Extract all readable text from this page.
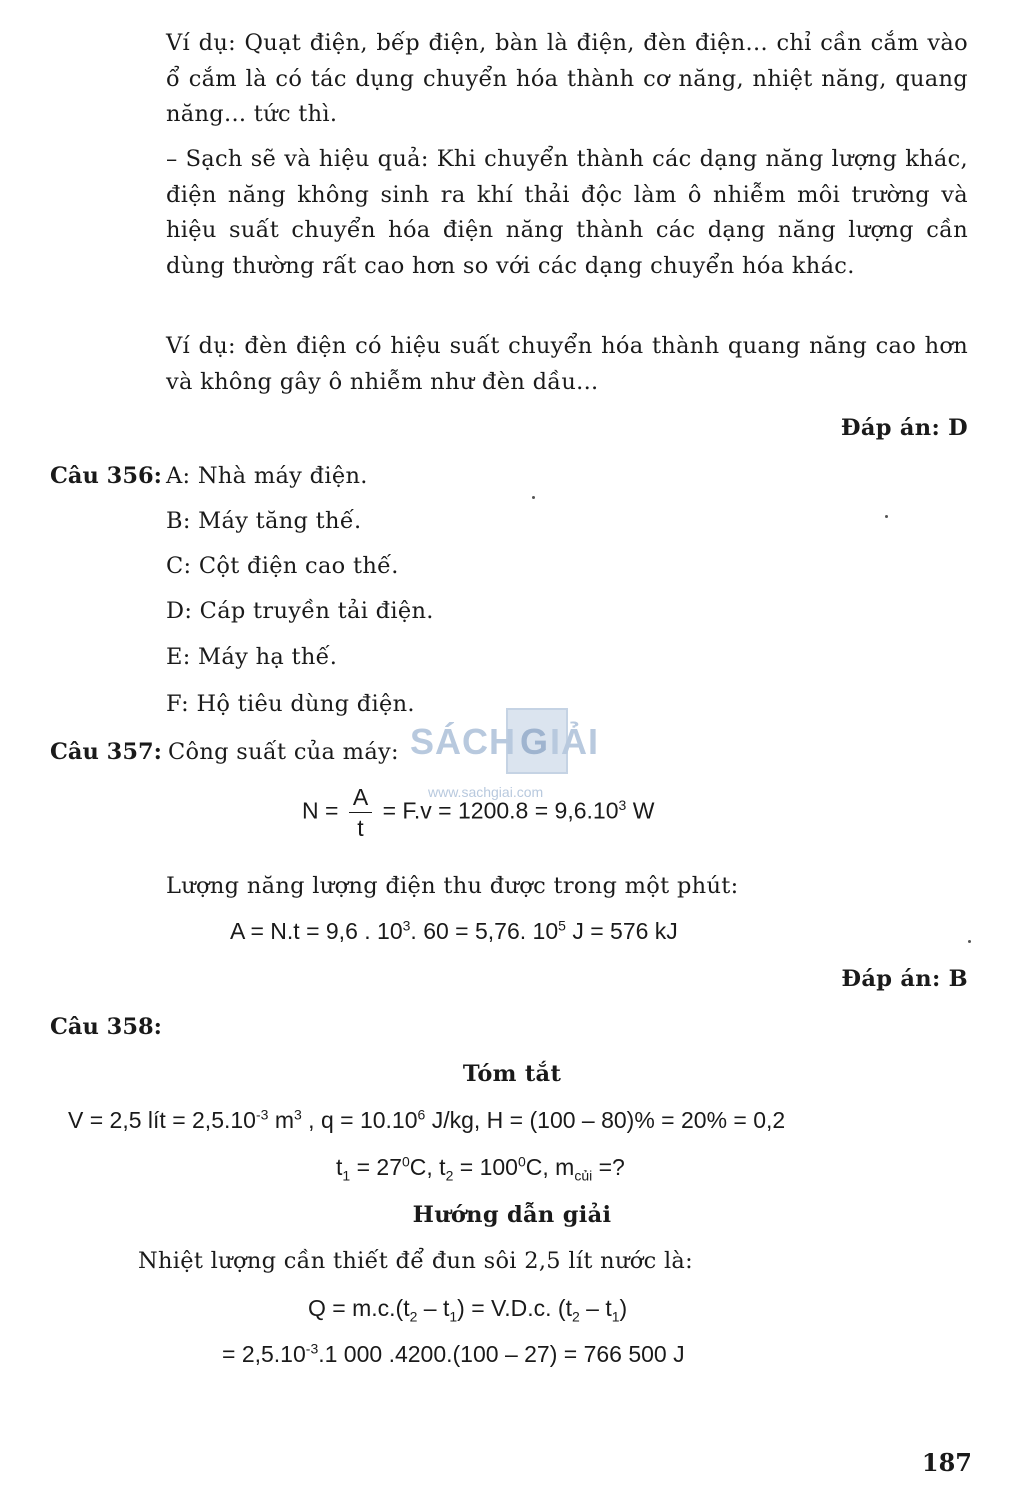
Ví dụ: Quạt điện, bếp điện, bàn là điện, đèn điện... chỉ cần cắm vào ổ cắm là có tác dụng chuyển hóa thành cơ năng, nhiệt năng, quang năng... tức thì.

– Sạch sẽ và hiệu quả: Khi chuyển thành các dạng năng lượng khác, điện năng không sinh ra khí thải độc làm ô nhiễm môi trường và hiệu suất chuyển hóa điện năng thành các dạng năng lượng cần dùng thường rất cao hơn so với các dạng chuyển hóa khác.

Ví dụ: đèn điện có hiệu suất chuyển hóa thành quang năng cao hơn và không gây ô nhiễm như đèn dầu...

Đáp án: D
Câu 356: A: Nhà máy điện.
B: Máy tăng thế.
C: Cột điện cao thế.
D: Cáp truyền tải điện.
E: Máy hạ thế.
F: Hộ tiêu dùng điện.
SÁCH G IẢI
www.sachgiai.com
Câu 357: Công suất của máy:
$N = \frac{A}{t} = F.v = 1200.8 = 9,6.10^3$ W
Lượng năng lượng điện thu được trong một phút:
A = N.t = 9,6 . $10^3$. 60 = 5,76. $10^5$ J = 576 kJ
Đáp án: B
Câu 358:
Tóm tắt
V = 2,5 lít = $2,5.10^{-3}$ $m^3$ , $q = 10.10^6$ J/kg, H = (100 – 80)% = 20% = 0,2
$t_1 = 27^0C$, $t_2 = 100^0C$, $m_{củi}$ =?
Hướng dẫn giải
Nhiệt lượng cần thiết để đun sôi 2,5 lít nước là:
$Q = m.c.(t_2 - t_1) = V.D.c$. $(t_2 - t_1)$
= $2,5.10^{-3}.1$ 000 .4200.(100 – 27) = 766 500 J
187
